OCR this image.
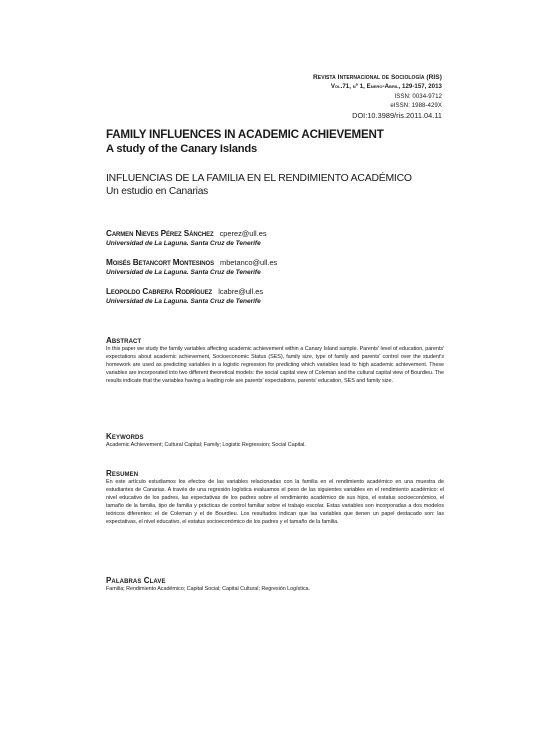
Revista Internacional de Sociología (RIS)
Vol.71, nº 1, Enero-Abril, 129-157, 2013
ISSN: 0034-9712
eISSN: 1988-429X
DOI:10.3989/ris.2011.04.11
FAMILY INFLUENCES IN ACADEMIC ACHIEVEMENT
A study of the Canary Islands
INFLUENCIAS DE LA FAMILIA EN EL RENDIMIENTO ACADÉMICO
Un estudio en Canarias
Carmen Nieves Pérez Sánchez cperez@ull.es
Universidad de La Laguna. Santa Cruz de Tenerife
Moisés Betancort Montesinos mbetanco@ull.es
Universidad de La Laguna. Santa Cruz de Tenerife
Leopoldo Cabrera Rodríguez lcabre@ull.es
Universidad de La Laguna. Santa Cruz de Tenerife
Abstract
In this paper we study the family variables affecting academic achievement within a Canary Island sample. Parents' level of education, parents' expectations about academic achievement, Socioeconomic Status (SES), family size, type of family and parents' control over the student's homework are used as predicting variables in a logistic regression for predicting which variables lead to high academic achievement. These variables are incorporated into two different theoretical models: the social capital view of Coleman and the cultural capital view of Bourdieu. The results indicate that the variables having a leading role are parents' expectations, parents' education, SES and family size.
Keywords
Academic Achievement; Cultural Capital; Family; Logistic Regression; Social Capital.
Resumen
En este artículo estudiamos los efectos de las variables relacionadas con la familia en el rendimiento académico en una muestra de estudiantes de Canarias. A través de una regresión logística evaluamos el peso de las siguientes variables en el rendimiento académico: el nivel educativo de los padres, las expectativas de los padres sobre el rendimiento académico de sus hijos, el estatus socioeconómico, el tamaño de la familia, tipo de familia y prácticas de control familiar sobre el trabajo escolar. Estas variables son incorporadas a dos modelos teóricos diferentes: el de Coleman y el de Bourdieu. Los resultados indican que las variables que tienen un papel destacado son: las expectativas, el nivel educativo, el estatus socioeconómico de los padres y el tamaño de la familia.
Palabras Clave
Familia; Rendimiento Académico; Capital Social; Capital Cultural; Regresión Logística.
